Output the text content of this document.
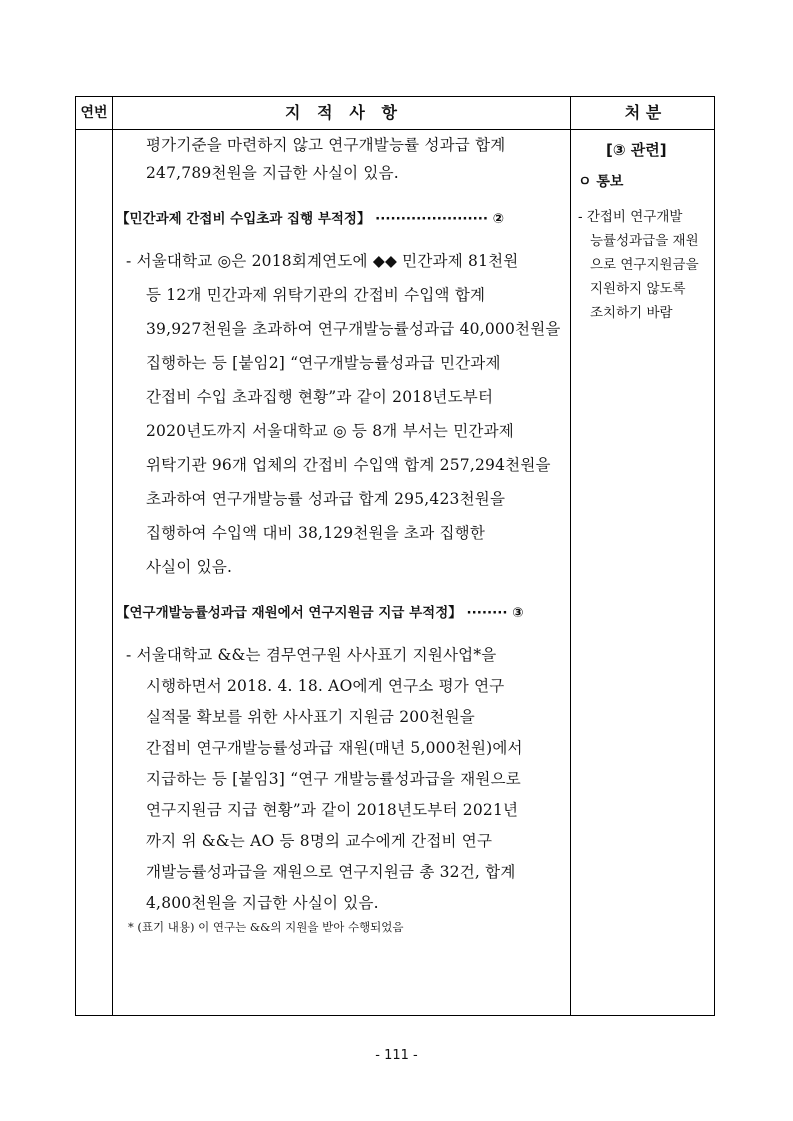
연번	지   적   사   항	처 분
평가기준을 마련하지 않고 연구개발능률 성과급 합계
247,789천원을 지급한 사실이 있음.
【민간과제 간접비 수입초과 집행 부적정】 ······················ ②
- 서울대학교 ◎은 2018회계연도에 ◆◆ 민간과제 81천원
등 12개 민간과제 위탁기관의 간접비 수입액 합계
39,927천원을 초과하여 연구개발능률성과급 40,000천원을
집행하는 등 [붙임2] “연구개발능률성과급 민간과제
간접비 수입 초과집행 현황”과 같이 2018년도부터
2020년도까지 서울대학교 ◎ 등 8개 부서는 민간과제
위탁기관 96개 업체의 간접비 수입액 합계 257,294천원을
초과하여 연구개발능률 성과급 합계 295,423천원을
집행하여 수입액 대비 38,129천원을 초과 집행한
사실이 있음.
【연구개발능률성과급 재원에서 연구지원금 지급 부적정】 ········ ③
- 서울대학교 &&는 겸무연구원 사사표기 지원사업*을
시행하면서 2018. 4. 18. AO에게 연구소 평가 연구
실적물 확보를 위한 사사표기 지원금 200천원을
간접비 연구개발능률성과급 재원(매년 5,000천원)에서
지급하는 등 [붙임3] “연구 개발능률성과급을 재원으로
연구지원금 지급 현황”과 같이 2018년도부터 2021년
까지 위 &&는 AO 등 8명의 교수에게 간접비 연구
개발능률성과급을 재원으로 연구지원금 총 32건, 합계
4,800천원을 지급한 사실이 있음.
* (표기 내용) 이 연구는 &&의 지원을 받아 수행되었음
[③ 관련]
ㅇ 통보
- 간접비 연구개발
능률성과급을 재원
으로 연구지원금을
지원하지 않도록
조치하기 바람
- 111 -
